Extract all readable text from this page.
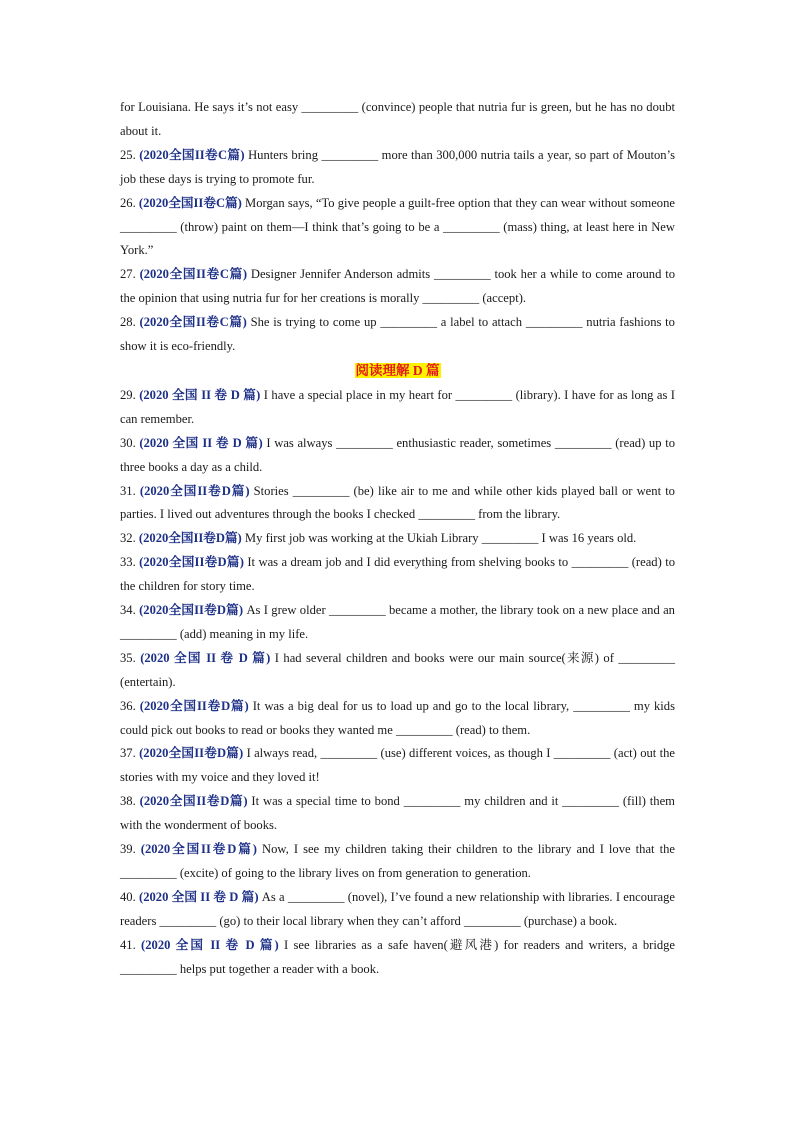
for Louisiana. He says it’s not easy _________ (convince) people that nutria fur is green, but he has no doubt about it.

25. (2020全国II卷C篇) Hunters bring _________ more than 300,000 nutria tails a year, so part of Mouton’s job these days is trying to promote fur.

26. (2020全国II卷C篇) Morgan says, “To give people a guilt-free option that they can wear without someone _________ (throw) paint on them—I think that’s going to be a _________ (mass) thing, at least here in New York.”

27. (2020全国II卷C篇) Designer Jennifer Anderson admits _________ took her a while to come around to the opinion that using nutria fur for her creations is morally _________ (accept).

28. (2020全国II卷C篇) She is trying to come up _________ a label to attach _________ nutria fashions to show it is eco-friendly.

阅读理解 D 篇

29. (2020 全国 II 卷 D 篇) I have a special place in my heart for _________ (library). I have for as long as I can remember.

30. (2020 全国 II 卷 D 篇) I was always _________ enthusiastic reader, sometimes _________ (read) up to three books a day as a child.

31. (2020全国II卷D篇) Stories _________ (be) like air to me and while other kids played ball or went to parties. I lived out adventures through the books I checked _________ from the library.

32. (2020全国II卷D篇) My first job was working at the Ukiah Library _________ I was 16 years old.

33. (2020全国II卷D篇) It was a dream job and I did everything from shelving books to _________ (read) to the children for story time.

34. (2020全国II卷D篇) As I grew older _________ became a mother, the library took on a new place and an _________ (add) meaning in my life.

35. (2020 全国 II 卷 D 篇) I had several children and books were our main source(来源) of _________ (entertain).

36. (2020全国II卷D篇) It was a big deal for us to load up and go to the local library, _________ my kids could pick out books to read or books they wanted me _________ (read) to them.

37. (2020全国II卷D篇) I always read, _________ (use) different voices, as though I _________ (act) out the stories with my voice and they loved it!

38. (2020全国II卷D篇) It was a special time to bond _________ my children and it _________ (fill) them with the wonderment of books.

39. (2020全国II卷D篇) Now, I see my children taking their children to the library and I love that the _________ (excite) of going to the library lives on from generation to generation.

40. (2020 全国 II 卷 D 篇) As a _________ (novel), I’ve found a new relationship with libraries. I encourage readers _________ (go) to their local library when they can’t afford _________ (purchase) a book.

41. (2020 全国 II 卷 D 篇) I see libraries as a safe haven(避风港) for readers and writers, a bridge _________ helps put together a reader with a book.
